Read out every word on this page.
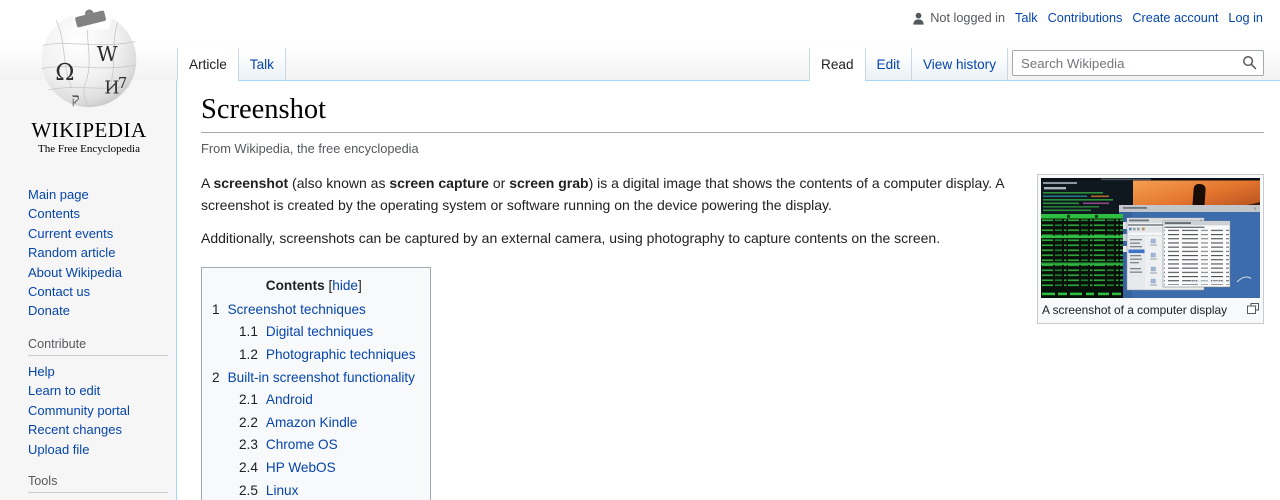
Not logged in Talk Contributions Create account Log in
Ω
W
И
ק
7
WIKIPEDIA
The Free Encyclopedia
Main page
Contents
Current events
Random article
About Wikipedia
Contact us
Donate
Contribute
Help
Learn to edit
Community portal
Recent changes
Upload file
Tools
Article Talk	Read Edit View history
Search Wikipedia
Screenshot
From Wikipedia, the free encyclopedia
openindiana
A screenshot of a computer display

A screenshot (also known as screen capture or screen grab) is a digital image that shows the contents of a computer display. A screenshot is created by the operating system or software running on the device powering the display.

Additionally, screenshots can be captured by an external camera, using photography to capture contents on the screen.

Contents [hide]
1 Screenshot techniques
1.1 Digital techniques
1.2 Photographic techniques
2 Built-in screenshot functionality
2.1 Android
2.2 Amazon Kindle
2.3 Chrome OS
2.4 HP WebOS
2.5 Linux
